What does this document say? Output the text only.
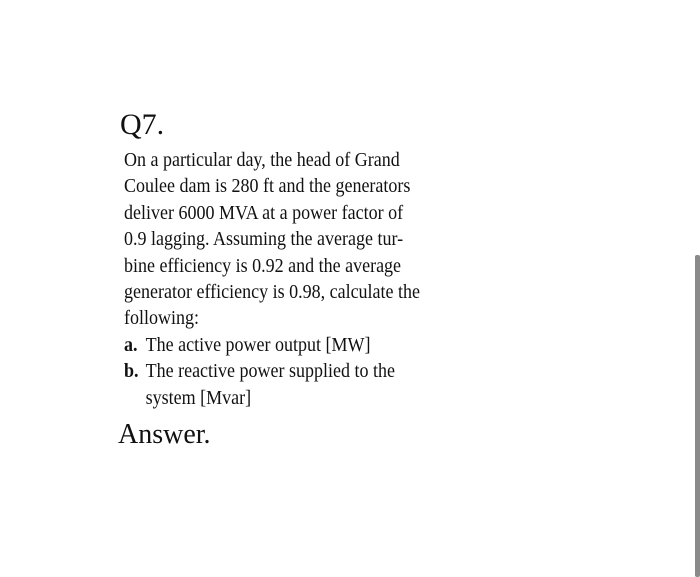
Q7.
On a particular day, the head of Grand
Coulee dam is 280 ft and the generators
deliver 6000 MVA at a power factor of
0.9 lagging. Assuming the average tur-
bine efficiency is 0.92 and the average
generator efficiency is 0.98, calculate the
following:
a. The active power output [MW]
b. The reactive power supplied to the
system [Mvar]
Answer.
